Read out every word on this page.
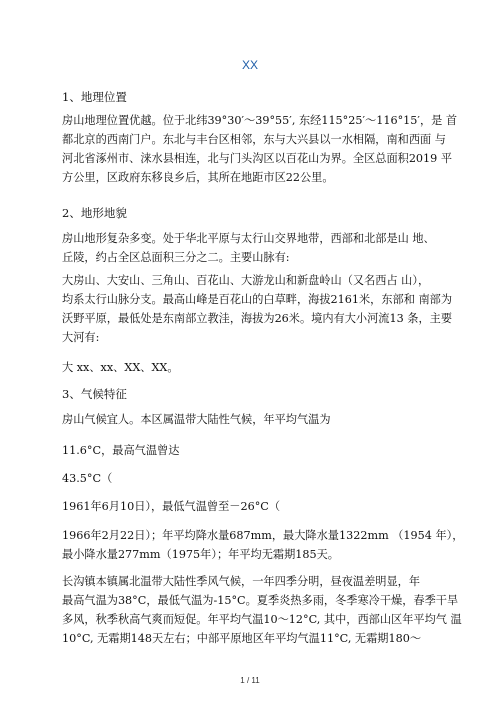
XX
1、地理位置
房山地理位置优越。位于北纬39°30′～39°55′, 东经115°25′～116°15′，是 首
都北京的西南门户。东北与丰台区相邻，东与大兴县以一水相隔，南和西面 与
河北省涿州市、涞水县相连，北与门头沟区以百花山为界。全区总面积2019 平
方公里，区政府东移良乡后，其所在地距市区22公里。
2、地形地貌
房山地形复杂多变。处于华北平原与太行山交界地带，西部和北部是山 地、
丘陵，约占全区总面积三分之二。主要山脉有:
大房山、大安山、三角山、百花山、大游龙山和新盘岭山（又名西占 山），
均系太行山脉分支。最高山峰是百花山的白草畔，海拔2161米，东部和 南部为
沃野平原，最低处是东南部立教洼，海拔为26米。境内有大小河流13 条，主要
大河有:
大 xx、xx、XX、XX。
3、气候特征
房山气候宜人。本区属温带大陆性气候，年平均气温为
11.6°C，最高气温曾达
43.5°C（
1961年6月10日），最低气温曾至－26°C（
1966年2月22日）；年平均降水量687mm，最大降水量1322mm （1954 年），
最小降水量277mm（1975年）；年平均无霜期185天。
长沟镇本镇属北温带大陆性季风气候，一年四季分明，昼夜温差明显，年
最高气温为38°C，最低气温为-15°C。夏季炎热多雨，冬季寒冷干燥，春季干旱
多风，秋季秋高气爽而短促。年平均气温10～12°C, 其中，西部山区年平均气 温
10°C, 无霜期148天左右；中部平原地区年平均气温11°C, 无霜期180～
1 / 11
